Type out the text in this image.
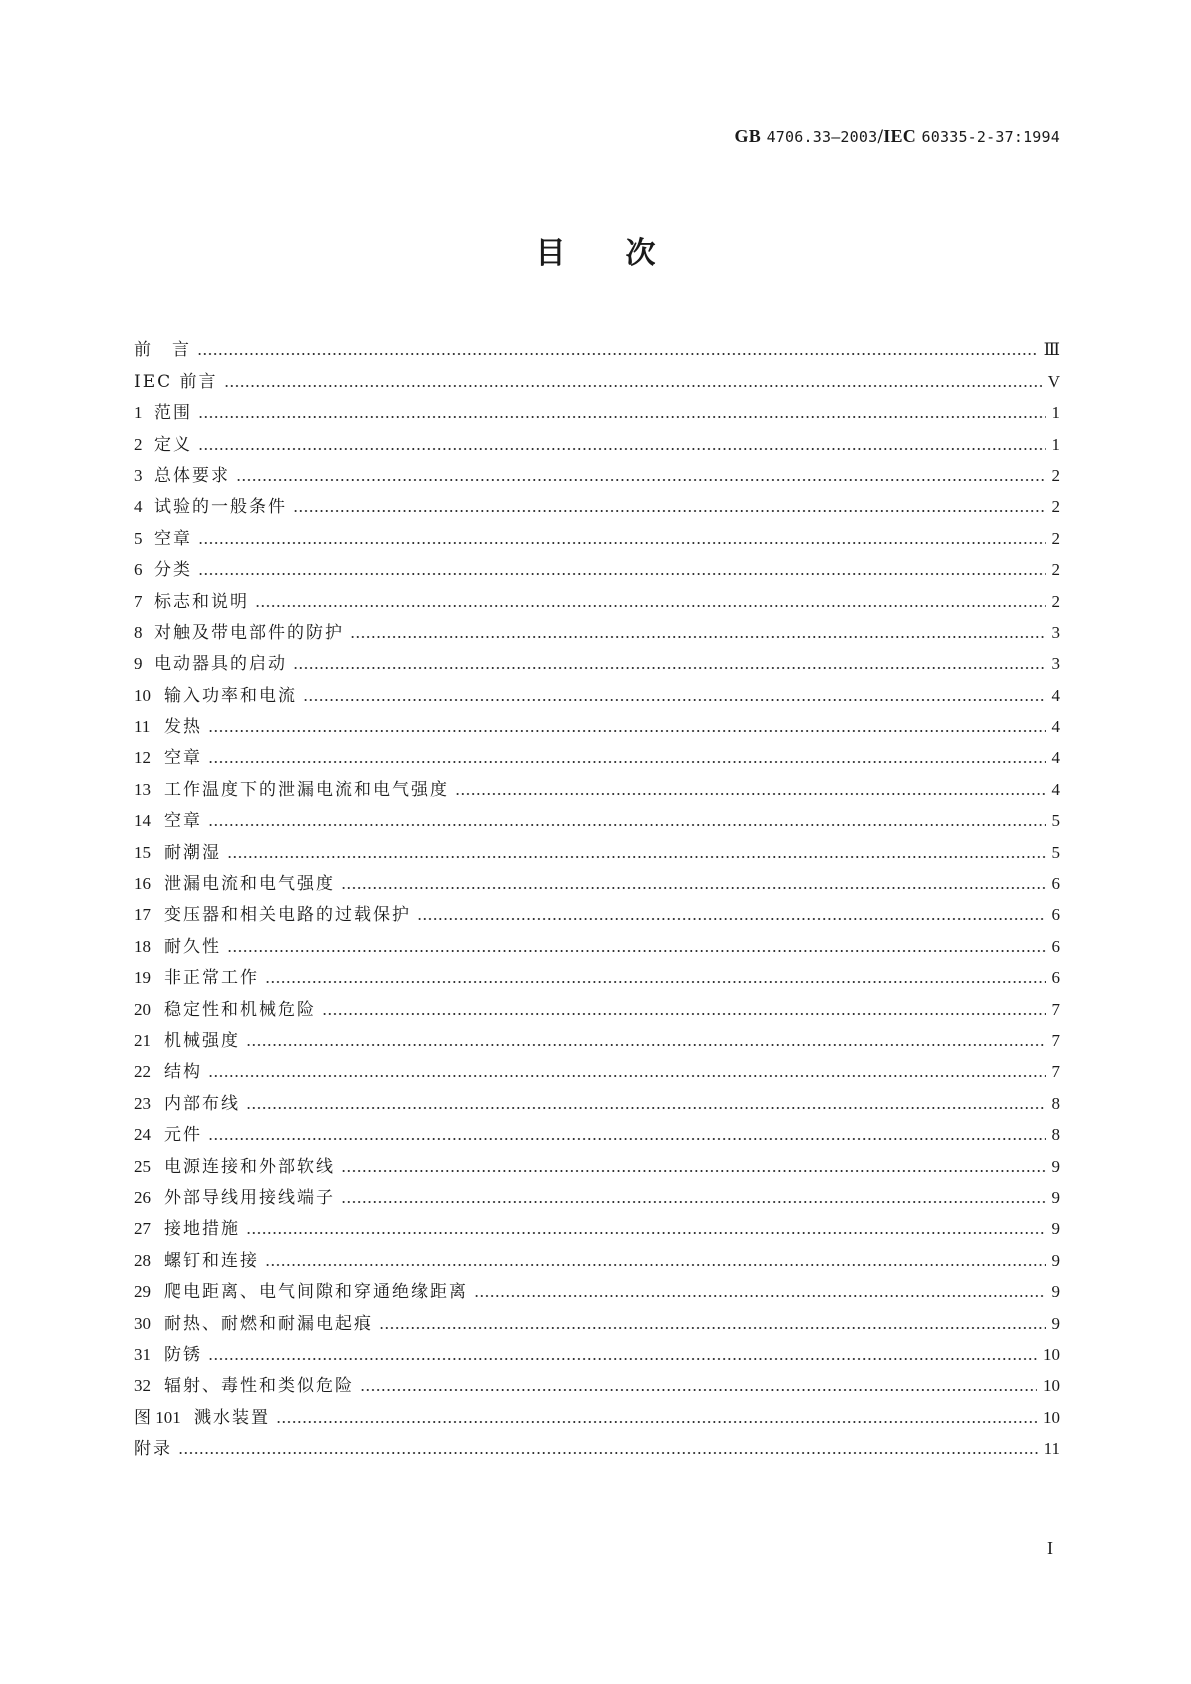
GB 4706.33—2003/IEC 60335-2-37:1994
目次
前　言	Ⅲ
IEC 前言	V
1 范围	1
2 定义	1
3 总体要求	2
4 试验的一般条件	2
5 空章	2
6 分类	2
7 标志和说明	2
8 对触及带电部件的防护	3
9 电动器具的启动	3
10 输入功率和电流	4
11 发热	4
12 空章	4
13 工作温度下的泄漏电流和电气强度	4
14 空章	5
15 耐潮湿	5
16 泄漏电流和电气强度	6
17 变压器和相关电路的过载保护	6
18 耐久性	6
19 非正常工作	6
20 稳定性和机械危险	7
21 机械强度	7
22 结构	7
23 内部布线	8
24 元件	8
25 电源连接和外部软线	9
26 外部导线用接线端子	9
27 接地措施	9
28 螺钉和连接	9
29 爬电距离、电气间隙和穿通绝缘距离	9
30 耐热、耐燃和耐漏电起痕	9
31 防锈	10
32 辐射、毒性和类似危险	10
图 101 溅水装置	10
附录	11
I
